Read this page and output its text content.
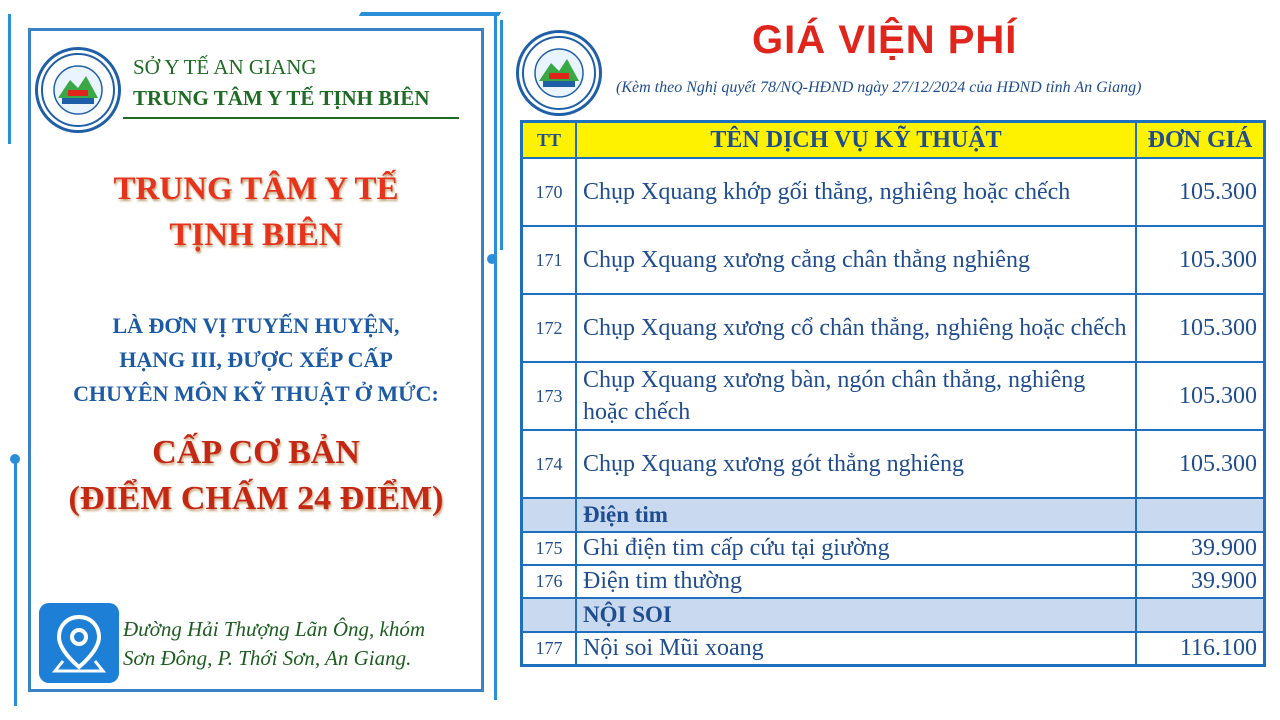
SỞ Y TẾ AN GIANG
TRUNG TÂM Y TẾ TỊNH BIÊN
TRUNG TÂM Y TẾ
TỊNH BIÊN
LÀ ĐƠN VỊ TUYẾN HUYỆN,
HẠNG III, ĐƯỢC XẾP CẤP
CHUYÊN MÔN KỸ THUẬT Ở MỨC:
CẤP CƠ BẢN
(ĐIỂM CHẤM 24 ĐIỂM)
Đường Hải Thượng Lãn Ông, khóm
Sơn Đông, P. Thới Sơn, An Giang.
GIÁ VIỆN PHÍ
(Kèm theo Nghị quyết 78/NQ-HĐND ngày 27/12/2024 của HĐND tỉnh An Giang)
TT	TÊN DỊCH VỤ KỸ THUẬT	ĐƠN GIÁ
170	Chụp Xquang khớp gối thẳng, nghiêng hoặc chếch	105.300
171	Chụp Xquang xương cẳng chân thẳng nghiêng	105.300
172	Chụp Xquang xương cổ chân thẳng, nghiêng hoặc chếch	105.300
173	Chụp Xquang xương bàn, ngón chân thẳng, nghiêng hoặc chếch	105.300
174	Chụp Xquang xương gót thẳng nghiêng	105.300
	Điện tim	
175	Ghi điện tim cấp cứu tại giường	39.900
176	Điện tim thường	39.900
	NỘI SOI	
177	Nội soi Mũi xoang	116.100
